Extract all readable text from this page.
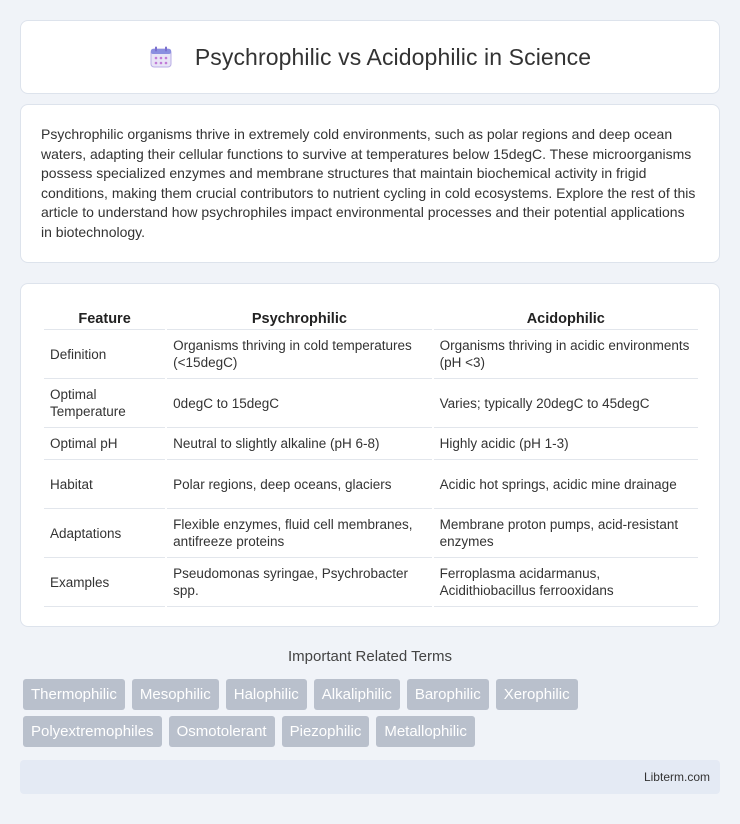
Psychrophilic vs Acidophilic in Science

Psychrophilic organisms thrive in extremely cold environments, such as polar regions and deep ocean waters, adapting their cellular functions to survive at temperatures below 15degC. These microorganisms possess specialized enzymes and membrane structures that maintain biochemical activity in frigid conditions, making them crucial contributors to nutrient cycling in cold ecosystems. Explore the rest of this article to understand how psychrophiles impact environmental processes and their potential applications in biotechnology.

Feature	Psychrophilic	Acidophilic
Definition	Organisms thriving in cold temperatures (<15degC)	Organisms thriving in acidic environments (pH <3)
Optimal Temperature	0degC to 15degC	Varies; typically 20degC to 45degC
Optimal pH	Neutral to slightly alkaline (pH 6-8)	Highly acidic (pH 1-3)
Habitat	Polar regions, deep oceans, glaciers	Acidic hot springs, acidic mine drainage
Adaptations	Flexible enzymes, fluid cell membranes, antifreeze proteins	Membrane proton pumps, acid-resistant enzymes
Examples	Pseudomonas syringae, Psychrobacter spp.	Ferroplasma acidarmanus, Acidithiobacillus ferrooxidans
Important Related Terms
Thermophilic	Mesophilic	Halophilic	Alkaliphilic	Barophilic	Xerophilic
Polyextremophiles	Osmotolerant	Piezophilic	Metallophilic
Libterm.com
